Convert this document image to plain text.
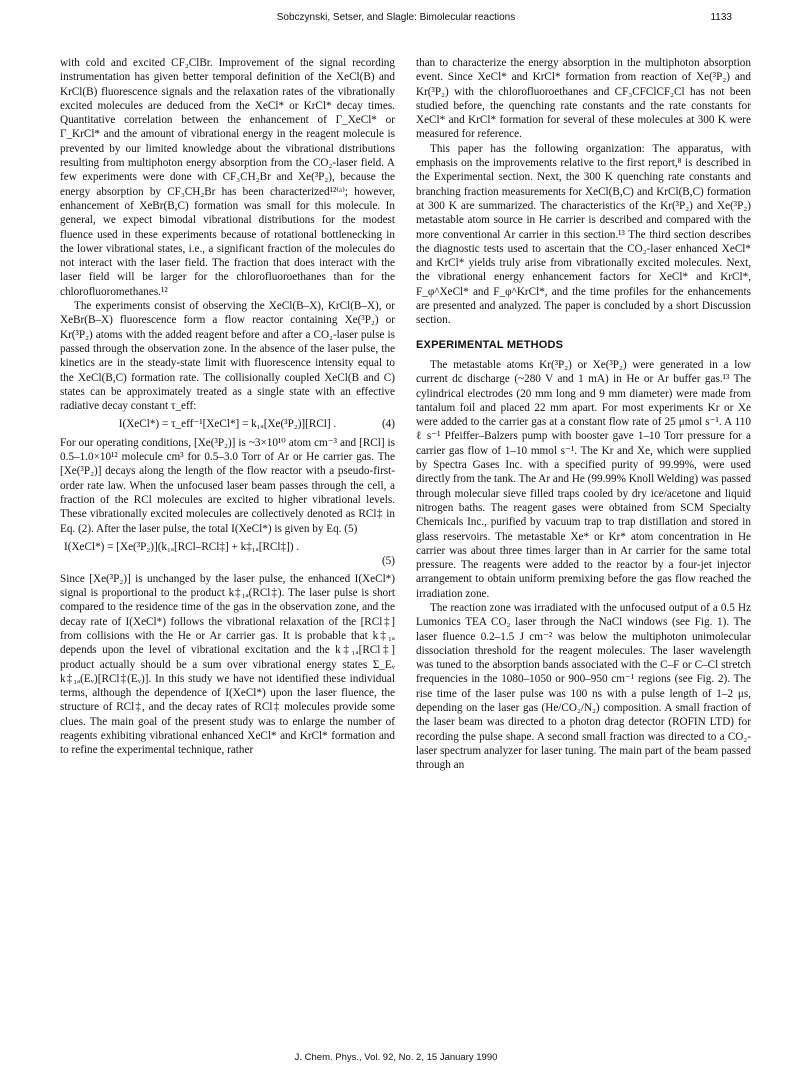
Sobczynski, Setser, and Slagle: Bimolecular reactions	1133

with cold and excited CF₂ClBr. Improvement of the signal recording instrumentation has given better temporal definition of the XeCl(B) and KrCl(B) fluorescence signals and the relaxation rates of the vibrationally excited molecules are deduced from the XeCl* or KrCl* decay times. Quantitative correlation between the enhancement of Γ_XeCl* or Γ_KrCl* and the amount of vibrational energy in the reagent molecule is prevented by our limited knowledge about the vibrational distributions resulting from multiphoton energy absorption from the CO₂-laser field. A few experiments were done with CF₃CH₂Br and Xe(³P₂), because the energy absorption by CF₃CH₂Br has been characterized¹²⁽ᵃ⁾; however, enhancement of XeBr(B,C) formation was small for this molecule. In general, we expect bimodal vibrational distributions for the modest fluence used in these experiments because of rotational bottlenecking in the lower vibrational states, i.e., a significant fraction of the molecules do not interact with the laser field. The fraction that does interact with the laser field will be larger for the chlorofluoroethanes than for the chlorofluoromethanes.¹²

The experiments consist of observing the XeCl(B–X), KrCl(B–X), or XeBr(B–X) fluorescence form a flow reactor containing Xe(³P₂) or Kr(³P₂) atoms with the added reagent before and after a CO₂-laser pulse is passed through the observation zone. In the absence of the laser pulse, the kinetics are in the steady-state limit with fluorescence intensity equal to the XeCl(B,C) formation rate. The collisionally coupled XeCl(B and C) states can be approximately treated as a single state with an effective radiative decay constant τ_eff:

I(XeCl*) = τ_eff⁻¹[XeCl*] = k₁ₐ[Xe(³P₂)][RCl] .	(4)

For our operating conditions, [Xe(³P₂)] is ~3×10¹⁰ atom cm⁻³ and [RCl] is 0.5–1.0×10¹² molecule cm³ for 0.5–3.0 Torr of Ar or He carrier gas. The [Xe(³P₂)] decays along the length of the flow reactor with a pseudo-first-order rate law. When the unfocused laser beam passes through the cell, a fraction of the RCl molecules are excited to higher vibrational levels. These vibrationally excited molecules are collectively denoted as RCl‡ in Eq. (2). After the laser pulse, the total I(XeCl*) is given by Eq. (5)

I(XeCl*) = [Xe(³P₂)](k₁ₐ[RCl–RCl‡] + k‡₁ₐ[RCl‡]) .
(5)

Since [Xe(³P₂)] is unchanged by the laser pulse, the enhanced I(XeCl*) signal is proportional to the product k‡₁ₐ(RCl‡). The laser pulse is short compared to the residence time of the gas in the observation zone, and the decay rate of I(XeCl*) follows the vibrational relaxation of the [RCl‡] from collisions with the He or Ar carrier gas. It is probable that k‡₁ₐ depends upon the level of vibrational excitation and the k‡₁ₐ[RCl‡] product actually should be a sum over vibrational energy states Σ_Eᵥ k‡₁ₐ(Eᵥ)[RCl‡(Eᵥ)]. In this study we have not identified these individual terms, although the dependence of I(XeCl*) upon the laser fluence, the structure of RCl‡, and the decay rates of RCl‡ molecules provide some clues. The main goal of the present study was to enlarge the number of reagents exhibiting vibrational enhanced XeCl* and KrCl* formation and to refine the experimental technique, rather

than to characterize the energy absorption in the multiphoton absorption event. Since XeCl* and KrCl* formation from reaction of Xe(³P₂) and Kr(³P₂) with the chlorofluoroethanes and CF₃CFClCF₂Cl has not been studied before, the quenching rate constants and the rate constants for XeCl* and KrCl* formation for several of these molecules at 300 K were measured for reference.

This paper has the following organization: The apparatus, with emphasis on the improvements relative to the first report,⁸ is described in the Experimental section. Next, the 300 K quenching rate constants and branching fraction measurements for XeCl(B,C) and KrCl(B,C) formation at 300 K are summarized. The characteristics of the Kr(³P₂) and Xe(³P₂) metastable atom source in He carrier is described and compared with the more conventional Ar carrier in this section.¹³ The third section describes the diagnostic tests used to ascertain that the CO₂-laser enhanced XeCl* and KrCl* yields truly arise from vibrationally excited molecules. Next, the vibrational energy enhancement factors for XeCl* and KrCl*, F_φ^XeCl* and F_φ^KrCl*, and the time profiles for the enhancements are presented and analyzed. The paper is concluded by a short Discussion section.

EXPERIMENTAL METHODS

The metastable atoms Kr(³P₂) or Xe(³P₂) were generated in a low current dc discharge (~280 V and 1 mA) in He or Ar buffer gas.¹³ The cylindrical electrodes (20 mm long and 9 mm diameter) were made from tantalum foil and placed 22 mm apart. For most experiments Kr or Xe were added to the carrier gas at a constant flow rate of 25 μmol s⁻¹. A 110 ℓ s⁻¹ Pfeiffer–Balzers pump with booster gave 1–10 Torr pressure for a carrier gas flow of 1–10 mmol s⁻¹. The Kr and Xe, which were supplied by Spectra Gases Inc. with a specified purity of 99.99%, were used directly from the tank. The Ar and He (99.99% Knoll Welding) was passed through molecular sieve filled traps cooled by dry ice/acetone and liquid nitrogen baths. The reagent gases were obtained from SCM Specialty Chemicals Inc., purified by vacuum trap to trap distillation and stored in glass reservoirs. The metastable Xe* or Kr* atom concentration in He carrier was about three times larger than in Ar carrier for the same total pressure. The reagents were added to the reactor by a four-jet injector arrangement to obtain uniform premixing before the gas flow reached the irradiation zone.

The reaction zone was irradiated with the unfocused output of a 0.5 Hz Lumonics TEA CO₂ laser through the NaCl windows (see Fig. 1). The laser fluence 0.2–1.5 J cm⁻² was below the multiphoton unimolecular dissociation threshold for the reagent molecules. The laser wavelength was tuned to the absorption bands associated with the C–F or C–Cl stretch frequencies in the 1080–1050 or 900–950 cm⁻¹ regions (see Fig. 2). The rise time of the laser pulse was 100 ns with a pulse length of 1–2 μs, depending on the laser gas (He/CO₂/N₂) composition. A small fraction of the laser beam was directed to a photon drag detector (ROFIN LTD) for recording the pulse shape. A second small fraction was directed to a CO₂-laser spectrum analyzer for laser tuning. The main part of the beam passed through an

J. Chem. Phys., Vol. 92, No. 2, 15 January 1990
